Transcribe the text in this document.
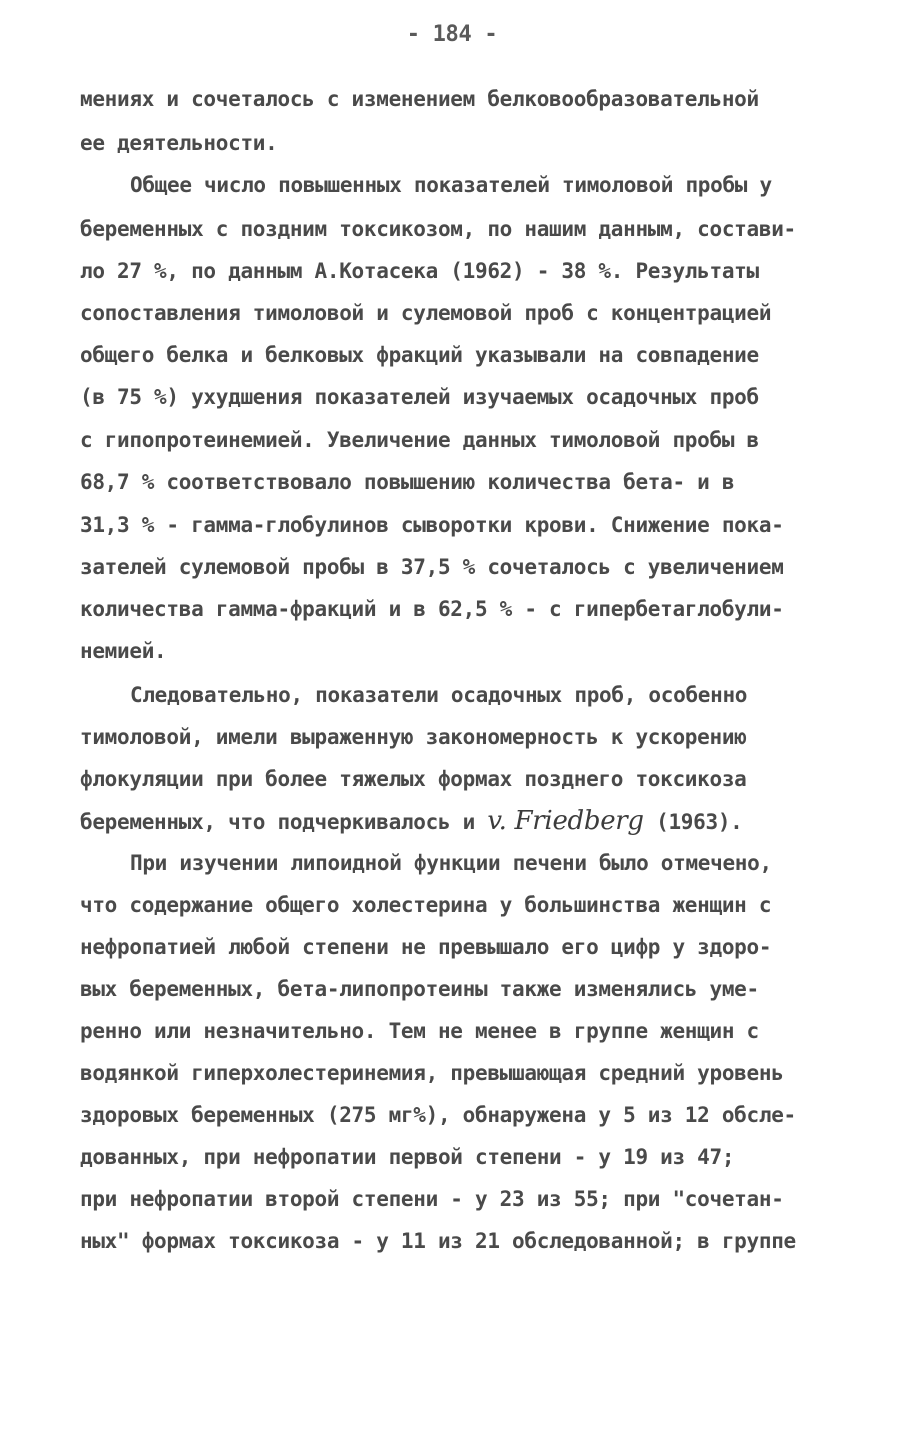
- 184 -
мениях и сочеталось с изменением белковообразовательной
ее деятельности.
Общее число повышенных показателей тимоловой пробы у
беременных с поздним токсикозом, по нашим данным, состави-
ло 27 %, по данным А.Котасека (1962) - 38 %. Результаты
сопоставления тимоловой и сулемовой проб с концентрацией
общего белка и белковых фракций указывали на совпадение
(в 75 %) ухудшения показателей изучаемых осадочных проб
с гипопротеинемией. Увеличение данных тимоловой пробы в
68,7 % соответствовало повышению количества бета- и в
31,3 % - гамма-глобулинов сыворотки крови. Снижение пока-
зателей сулемовой пробы в 37,5 % сочеталось с увеличением
количества гамма-фракций и в 62,5 % - с гипербетаглобули-
немией.
Следовательно, показатели осадочных проб, особенно
тимоловой, имели выраженную закономерность к ускорению
флокуляции при более тяжелых формах позднего токсикоза
беременных, что подчеркивалось и v. Friedberg (1963).
При изучении липоидной функции печени было отмечено,
что содержание общего холестерина у большинства женщин с
нефропатией любой степени не превышало его цифр у здоро-
вых беременных, бета-липопротеины также изменялись уме-
ренно или незначительно. Тем не менее в группе женщин с
водянкой гиперхолестеринемия, превышающая средний уровень
здоровых беременных (275 мг%), обнаружена у 5 из 12 обсле-
дованных, при нефропатии первой степени - у 19 из 47;
при нефропатии второй степени - у 23 из 55; при "сочетан-
ных" формах токсикоза - у 11 из 21 обследованной; в группе
